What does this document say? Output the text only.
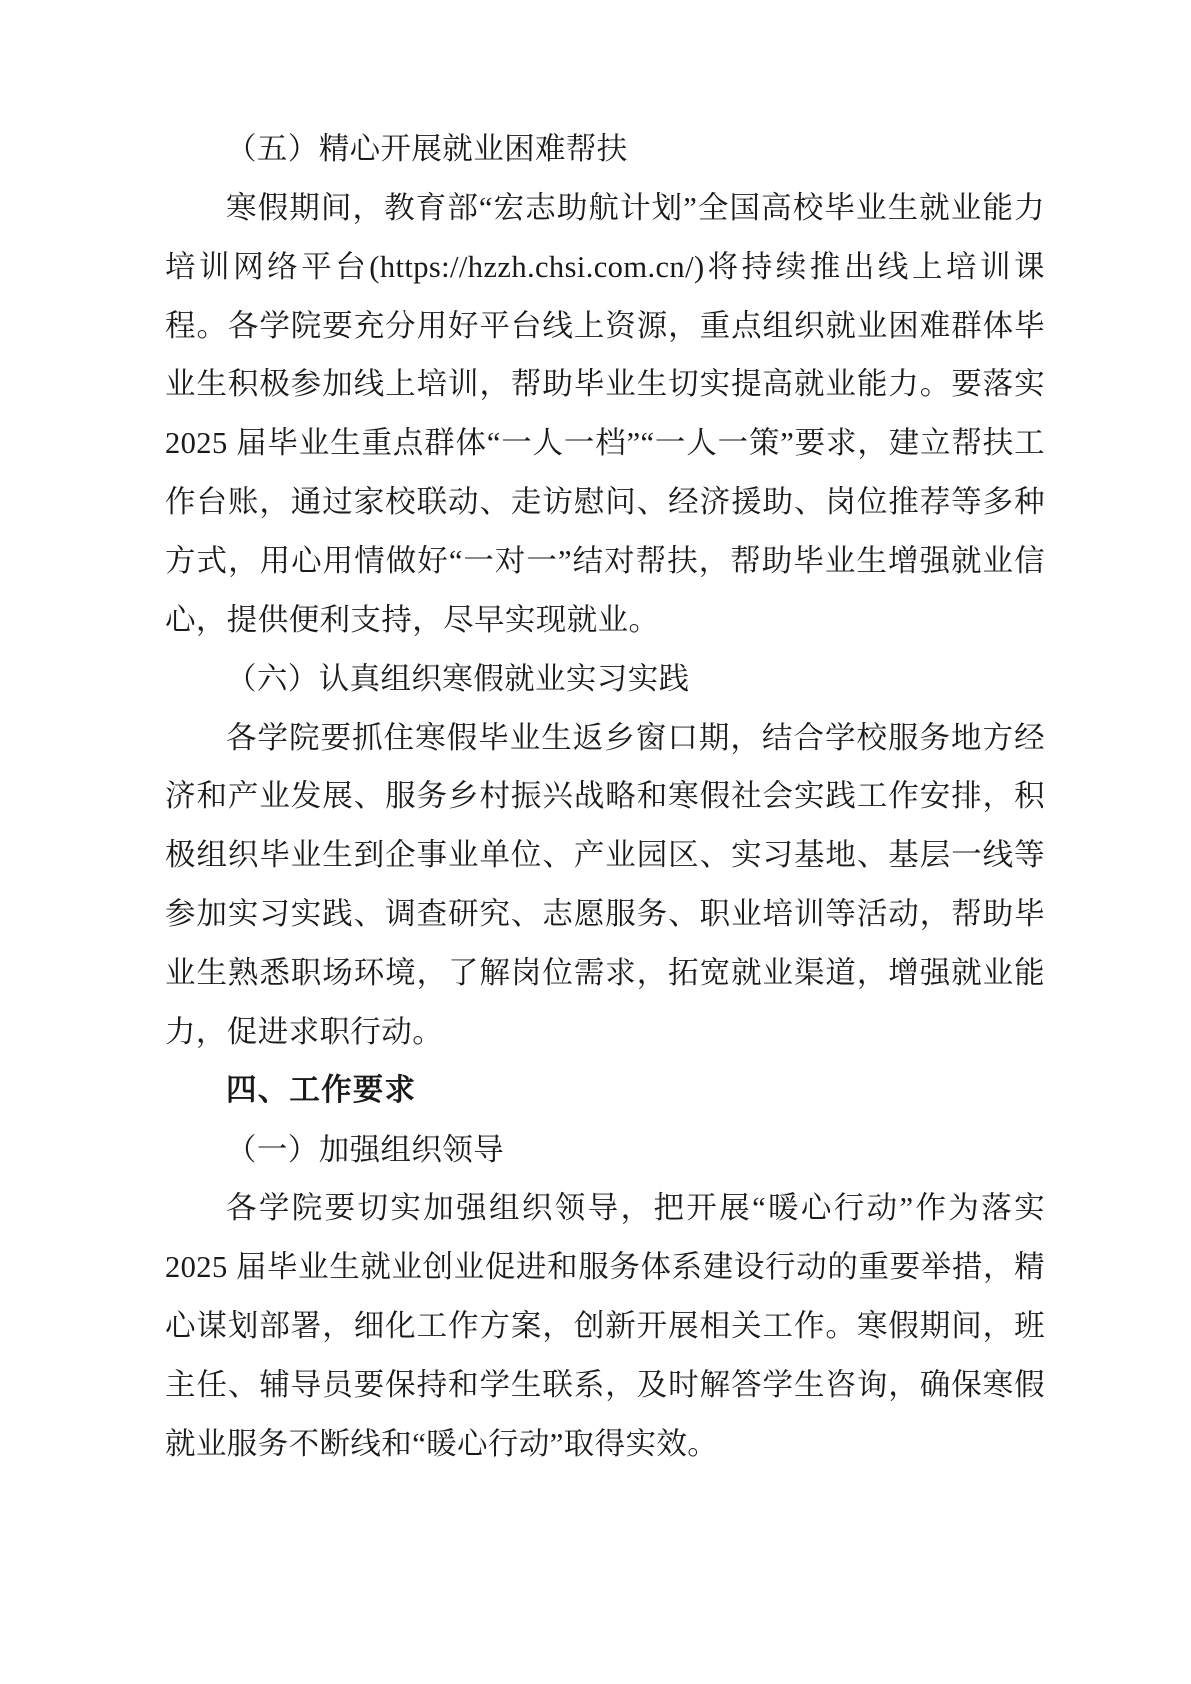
（五）精心开展就业困难帮扶

寒假期间，教育部“宏志助航计划”全国高校毕业生就业能力培训网络平台(https://hzzh.chsi.com.cn/)将持续推出线上培训课程。各学院要充分用好平台线上资源，重点组织就业困难群体毕业生积极参加线上培训，帮助毕业生切实提高就业能力。要落实 2025 届毕业生重点群体“一人一档”“一人一策”要求，建立帮扶工作台账，通过家校联动、走访慰问、经济援助、岗位推荐等多种方式，用心用情做好“一对一”结对帮扶，帮助毕业生增强就业信心，提供便利支持，尽早实现就业。

（六）认真组织寒假就业实习实践

各学院要抓住寒假毕业生返乡窗口期，结合学校服务地方经济和产业发展、服务乡村振兴战略和寒假社会实践工作安排，积极组织毕业生到企事业单位、产业园区、实习基地、基层一线等参加实习实践、调查研究、志愿服务、职业培训等活动，帮助毕业生熟悉职场环境，了解岗位需求，拓宽就业渠道，增强就业能力，促进求职行动。

四、工作要求

（一）加强组织领导

各学院要切实加强组织领导，把开展“暖心行动”作为落实 2025 届毕业生就业创业促进和服务体系建设行动的重要举措，精心谋划部署，细化工作方案，创新开展相关工作。寒假期间，班主任、辅导员要保持和学生联系，及时解答学生咨询，确保寒假就业服务不断线和“暖心行动”取得实效。
